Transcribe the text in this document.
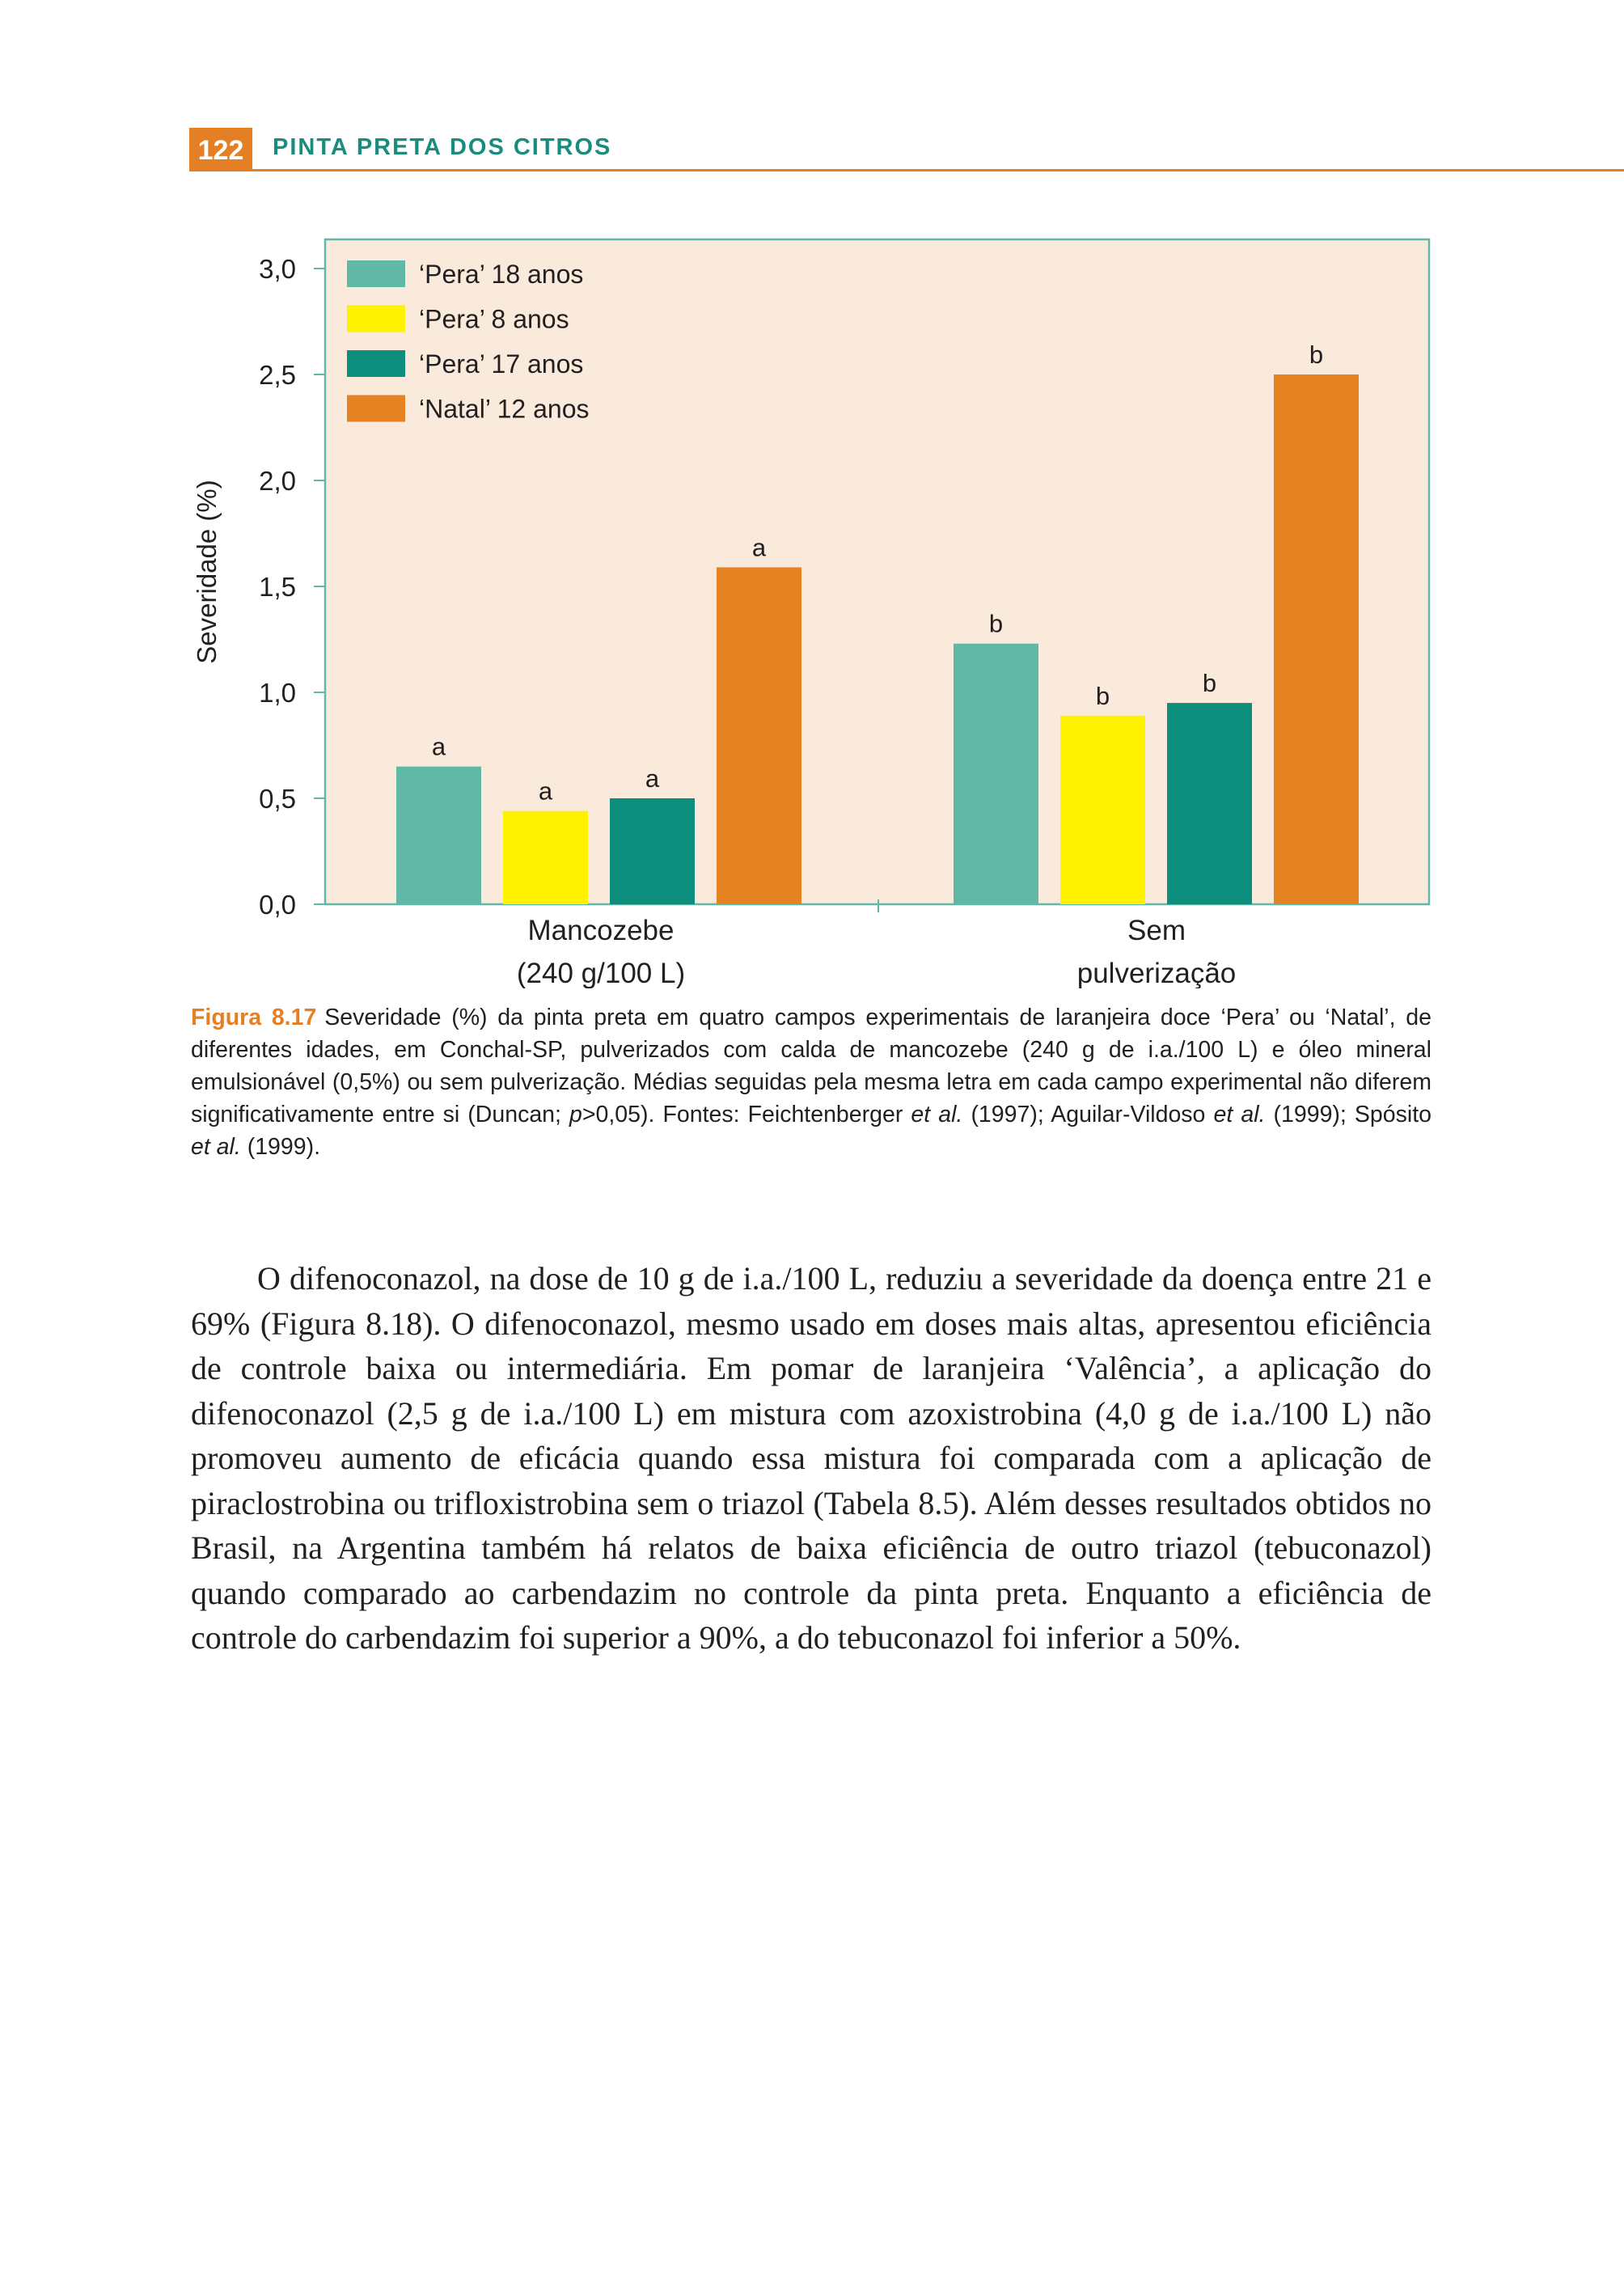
122	PINTA PRETA DOS CITROS
0,0
0,5
1,0
1,5
2,0
2,5
3,0
Severidade (%)
a
a	a
a
b
b	b
b
Mancozebe
(240 g/100 L)
Sem
pulverização
‘Pera’ 18 anos
‘Pera’ 8 anos
‘Pera’ 17 anos
‘Natal’ 12 anos
Figura 8.17 Severidade (%) da pinta preta em quatro campos experimentais de laranjeira doce ‘Pera’ ou ‘Natal’, de diferentes idades, em Conchal-SP, pulverizados com calda de mancozebe (240 g de i.a./100 L) e óleo mineral emulsionável (0,5%) ou sem pulverização. Médias seguidas pela mesma letra em cada campo experimental não diferem significativamente entre si (Duncan; p>0,05). Fontes: Feichtenberger et al. (1997); Aguilar-Vildoso et al. (1999); Spósito et al. (1999).
O difenoconazol, na dose de 10 g de i.a./100 L, reduziu a severidade da doença entre 21 e 69% (Figura 8.18). O difenoconazol, mesmo usado em doses mais altas, apresentou eficiência de controle baixa ou intermediária. Em pomar de laranjeira ‘Valência’, a aplicação do difenoconazol (2,5 g de i.a./100 L) em mistura com azoxistrobina (4,0 g de i.a./100 L) não promoveu aumento de eficácia quando essa mistura foi comparada com a aplicação de piraclostrobina ou trifloxistrobina sem o triazol (Tabela 8.5). Além desses resultados obtidos no Brasil, na Argentina também há relatos de baixa eficiência de outro triazol (tebuconazol) quando comparado ao carbendazim no controle da pinta preta. Enquanto a eficiência de controle do carbendazim foi superior a 90%, a do tebuconazol foi inferior a 50%.
